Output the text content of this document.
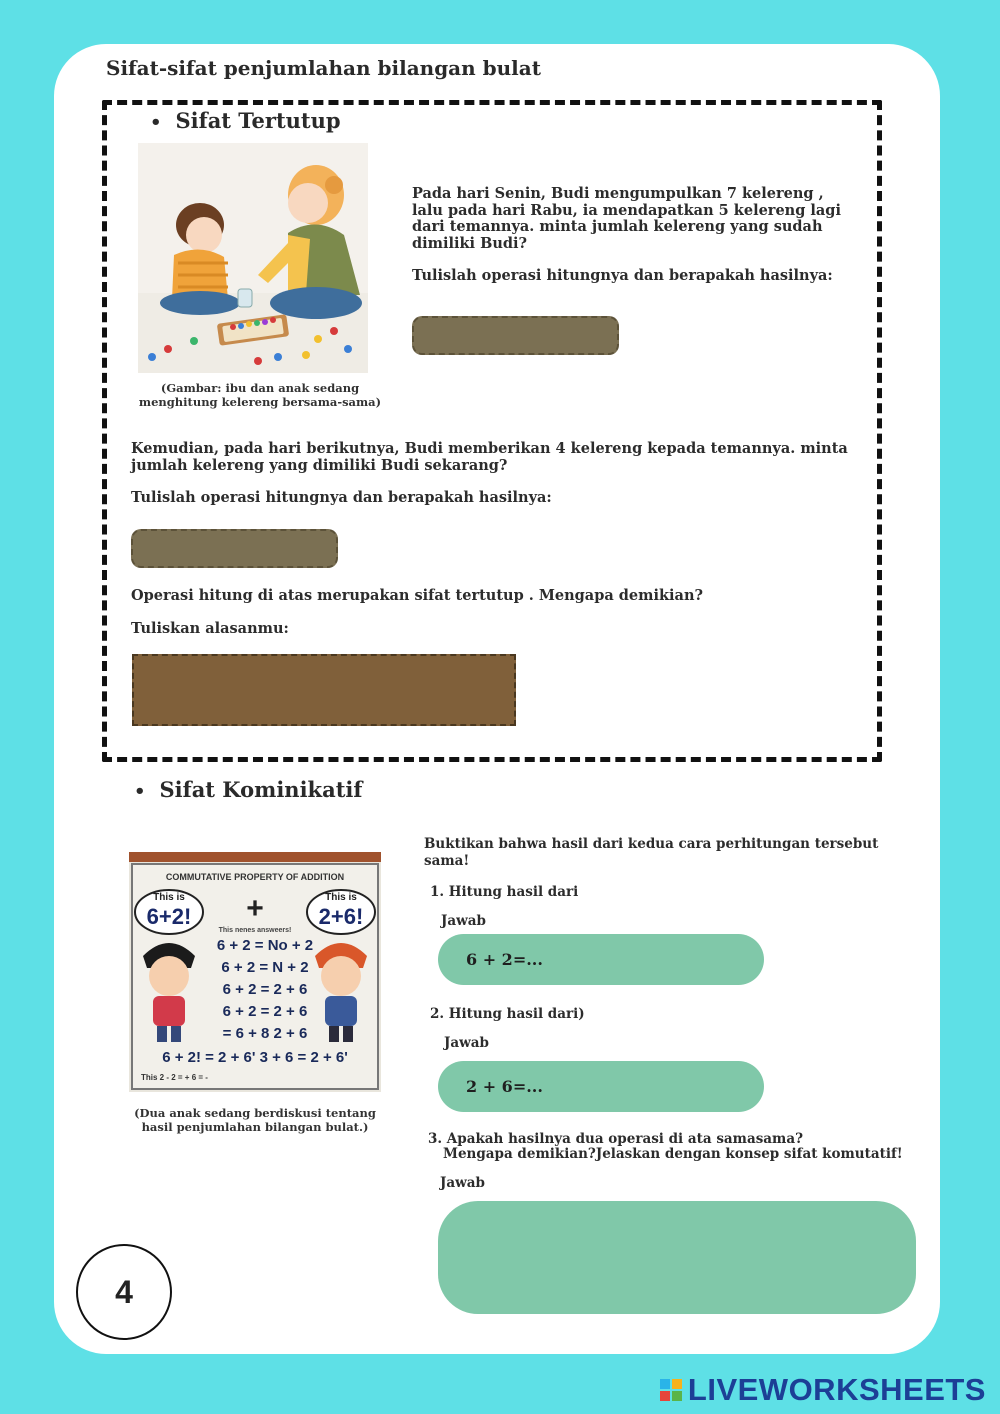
Sifat-sifat penjumlahan bilangan bulat
• Sifat Tertutup
(Gambar: ibu dan anak sedang menghitung kelereng bersama-sama)
Pada hari Senin, Budi mengumpulkan 7 kelereng , lalu pada hari Rabu, ia mendapatkan 5 kelereng lagi dari temannya. minta jumlah kelereng yang sudah dimiliki Budi?
Tulislah operasi hitungnya dan berapakah hasilnya:
Kemudian, pada hari berikutnya, Budi memberikan 4 kelereng kepada temannya. minta jumlah kelereng yang dimiliki Budi sekarang?
Tulislah operasi hitungnya dan berapakah hasilnya:
Operasi hitung di atas merupakan sifat tertutup . Mengapa demikian?
Tuliskan alasanmu:
• Sifat Kominikatif
COMMUTATIVE PROPERTY OF ADDITION
This is
6+2!
This is
2+6!
+
This nenes answeers!
6 + 2 = No + 2
6 + 2 = N + 2
6 + 2 = 2 + 6
6 + 2 = 2 + 6
= 6 + 8 2 + 6
6 + 2! = 2 + 6' 3 + 6 = 2 + 6'
This 2 - 2 = + 6 = -
(Dua anak sedang berdiskusi tentang hasil penjumlahan bilangan bulat.)
Buktikan bahwa hasil dari kedua cara perhitungan tersebut sama!
1. Hitung hasil dari
Jawab
6 + 2=...
2. Hitung hasil dari)
Jawab
2 + 6=...
3. Apakah hasilnya dua operasi di ata samasama?
Mengapa demikian?Jelaskan dengan konsep sifat komutatif!
Jawab
4
LIVEWORKSHEETS
